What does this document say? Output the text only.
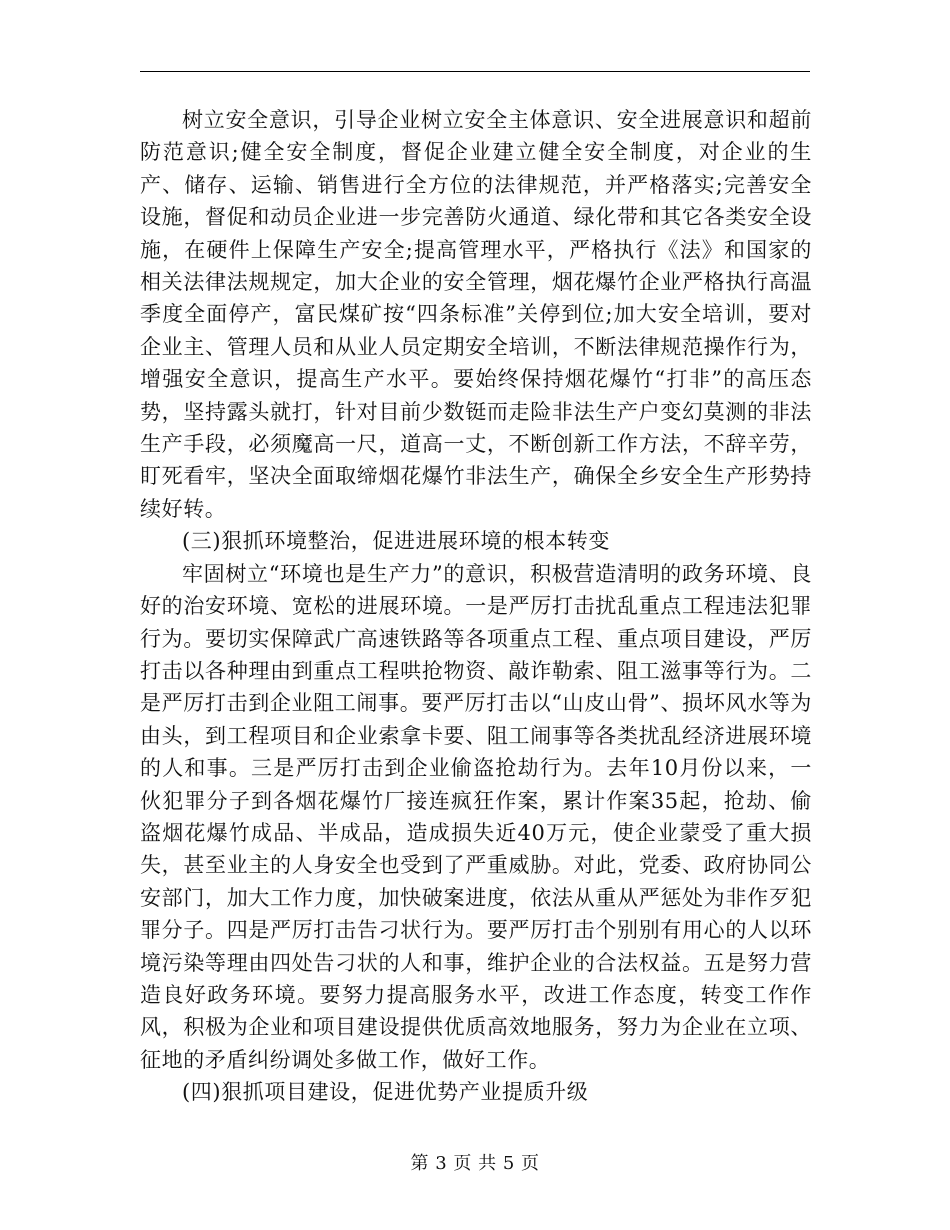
树立安全意识，引导企业树立安全主体意识、安全进展意识和超前防范意识;健全安全制度，督促企业建立健全安全制度，对企业的生产、储存、运输、销售进行全方位的法律规范，并严格落实;完善安全设施，督促和动员企业进一步完善防火通道、绿化带和其它各类安全设施，在硬件上保障生产安全;提高管理水平，严格执行《法》和国家的相关法律法规规定，加大企业的安全管理，烟花爆竹企业严格执行高温季度全面停产，富民煤矿按“四条标准”关停到位;加大安全培训，要对企业主、管理人员和从业人员定期安全培训，不断法律规范操作行为，增强安全意识，提高生产水平。要始终保持烟花爆竹“打非”的高压态势，坚持露头就打，针对目前少数铤而走险非法生产户变幻莫测的非法生产手段，必须魔高一尺，道高一丈，不断创新工作方法，不辞辛劳，盯死看牢，坚决全面取缔烟花爆竹非法生产，确保全乡安全生产形势持续好转。

(三)狠抓环境整治，促进进展环境的根本转变

牢固树立“环境也是生产力”的意识，积极营造清明的政务环境、良好的治安环境、宽松的进展环境。一是严厉打击扰乱重点工程违法犯罪行为。要切实保障武广高速铁路等各项重点工程、重点项目建设，严厉打击以各种理由到重点工程哄抢物资、敲诈勒索、阻工滋事等行为。二是严厉打击到企业阻工闹事。要严厉打击以“山皮山骨”、损坏风水等为由头，到工程项目和企业索拿卡要、阻工闹事等各类扰乱经济进展环境的人和事。三是严厉打击到企业偷盗抢劫行为。去年10月份以来，一伙犯罪分子到各烟花爆竹厂接连疯狂作案，累计作案35起，抢劫、偷盗烟花爆竹成品、半成品，造成损失近40万元，使企业蒙受了重大损失，甚至业主的人身安全也受到了严重威胁。对此，党委、政府协同公安部门，加大工作力度，加快破案进度，依法从重从严惩处为非作歹犯罪分子。四是严厉打击告刁状行为。要严厉打击个别别有用心的人以环境污染等理由四处告刁状的人和事，维护企业的合法权益。五是努力营造良好政务环境。要努力提高服务水平，改进工作态度，转变工作作风，积极为企业和项目建设提供优质高效地服务，努力为企业在立项、征地的矛盾纠纷调处多做工作，做好工作。

(四)狠抓项目建设，促进优势产业提质升级

第 3 页 共 5 页
